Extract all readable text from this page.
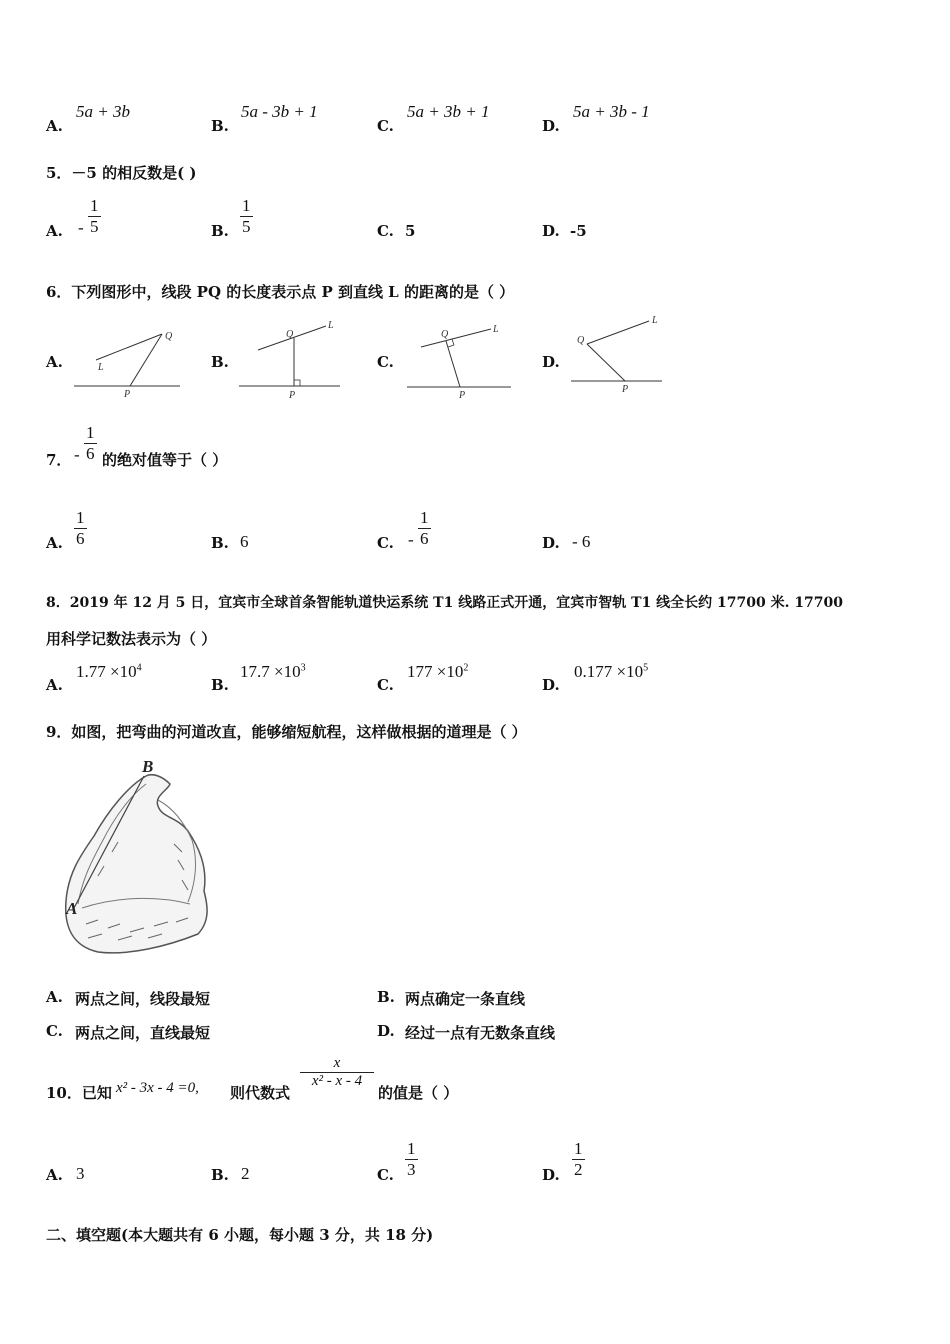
A.
5a + 3b
B.
5a - 3b + 1
C.
5a + 3b + 1
D.
5a + 3b - 1
5．－5 的相反数是( )
A. - $\frac{1}{5}$	B. $\frac{1}{5}$	C. 5	D. -5
6．下列图形中，线段 PQ 的长度表示点 P 到直线 L 的距离的是（ ）
A.
Q
L
P
B.
Q
L
P
C.
Q	L
P
D.
Q
L
P
7． - $\frac{1}{6}$ 的绝对值等于（ ）
A. $\frac{1}{6}$	B. 6	C. - $\frac{1}{6}$	D. - 6
8．2019 年 12 月 5 日，宜宾市全球首条智能轨道快运系统 T1 线路正式开通，宜宾市智轨 T1 线全长约 17700 米. 17700
用科学记数法表示为（ ）
A.
$1.77 \times 10^4$
B.
$17.7 \times 10^3$
C.
$177 \times 10^2$
D.
$0.177 \times 10^5$
9．如图，把弯曲的河道改直，能够缩短航程，这样做根据的道理是（ ）
B
A
A. 两点之间，线段最短	B. 两点确定一条直线
C. 两点之间，直线最短	D. 经过一点有无数条直线
10．已知 x² - 3x - 4 =0, 则代数式
$\frac{x}{\text{x² - x - 4}}$
的值是（ ）
A. 3	B. 2	C. $\frac{1}{3}$	D. $\frac{1}{2}$
二、填空题(本大题共有 6 小题，每小题 3 分，共 18 分)
